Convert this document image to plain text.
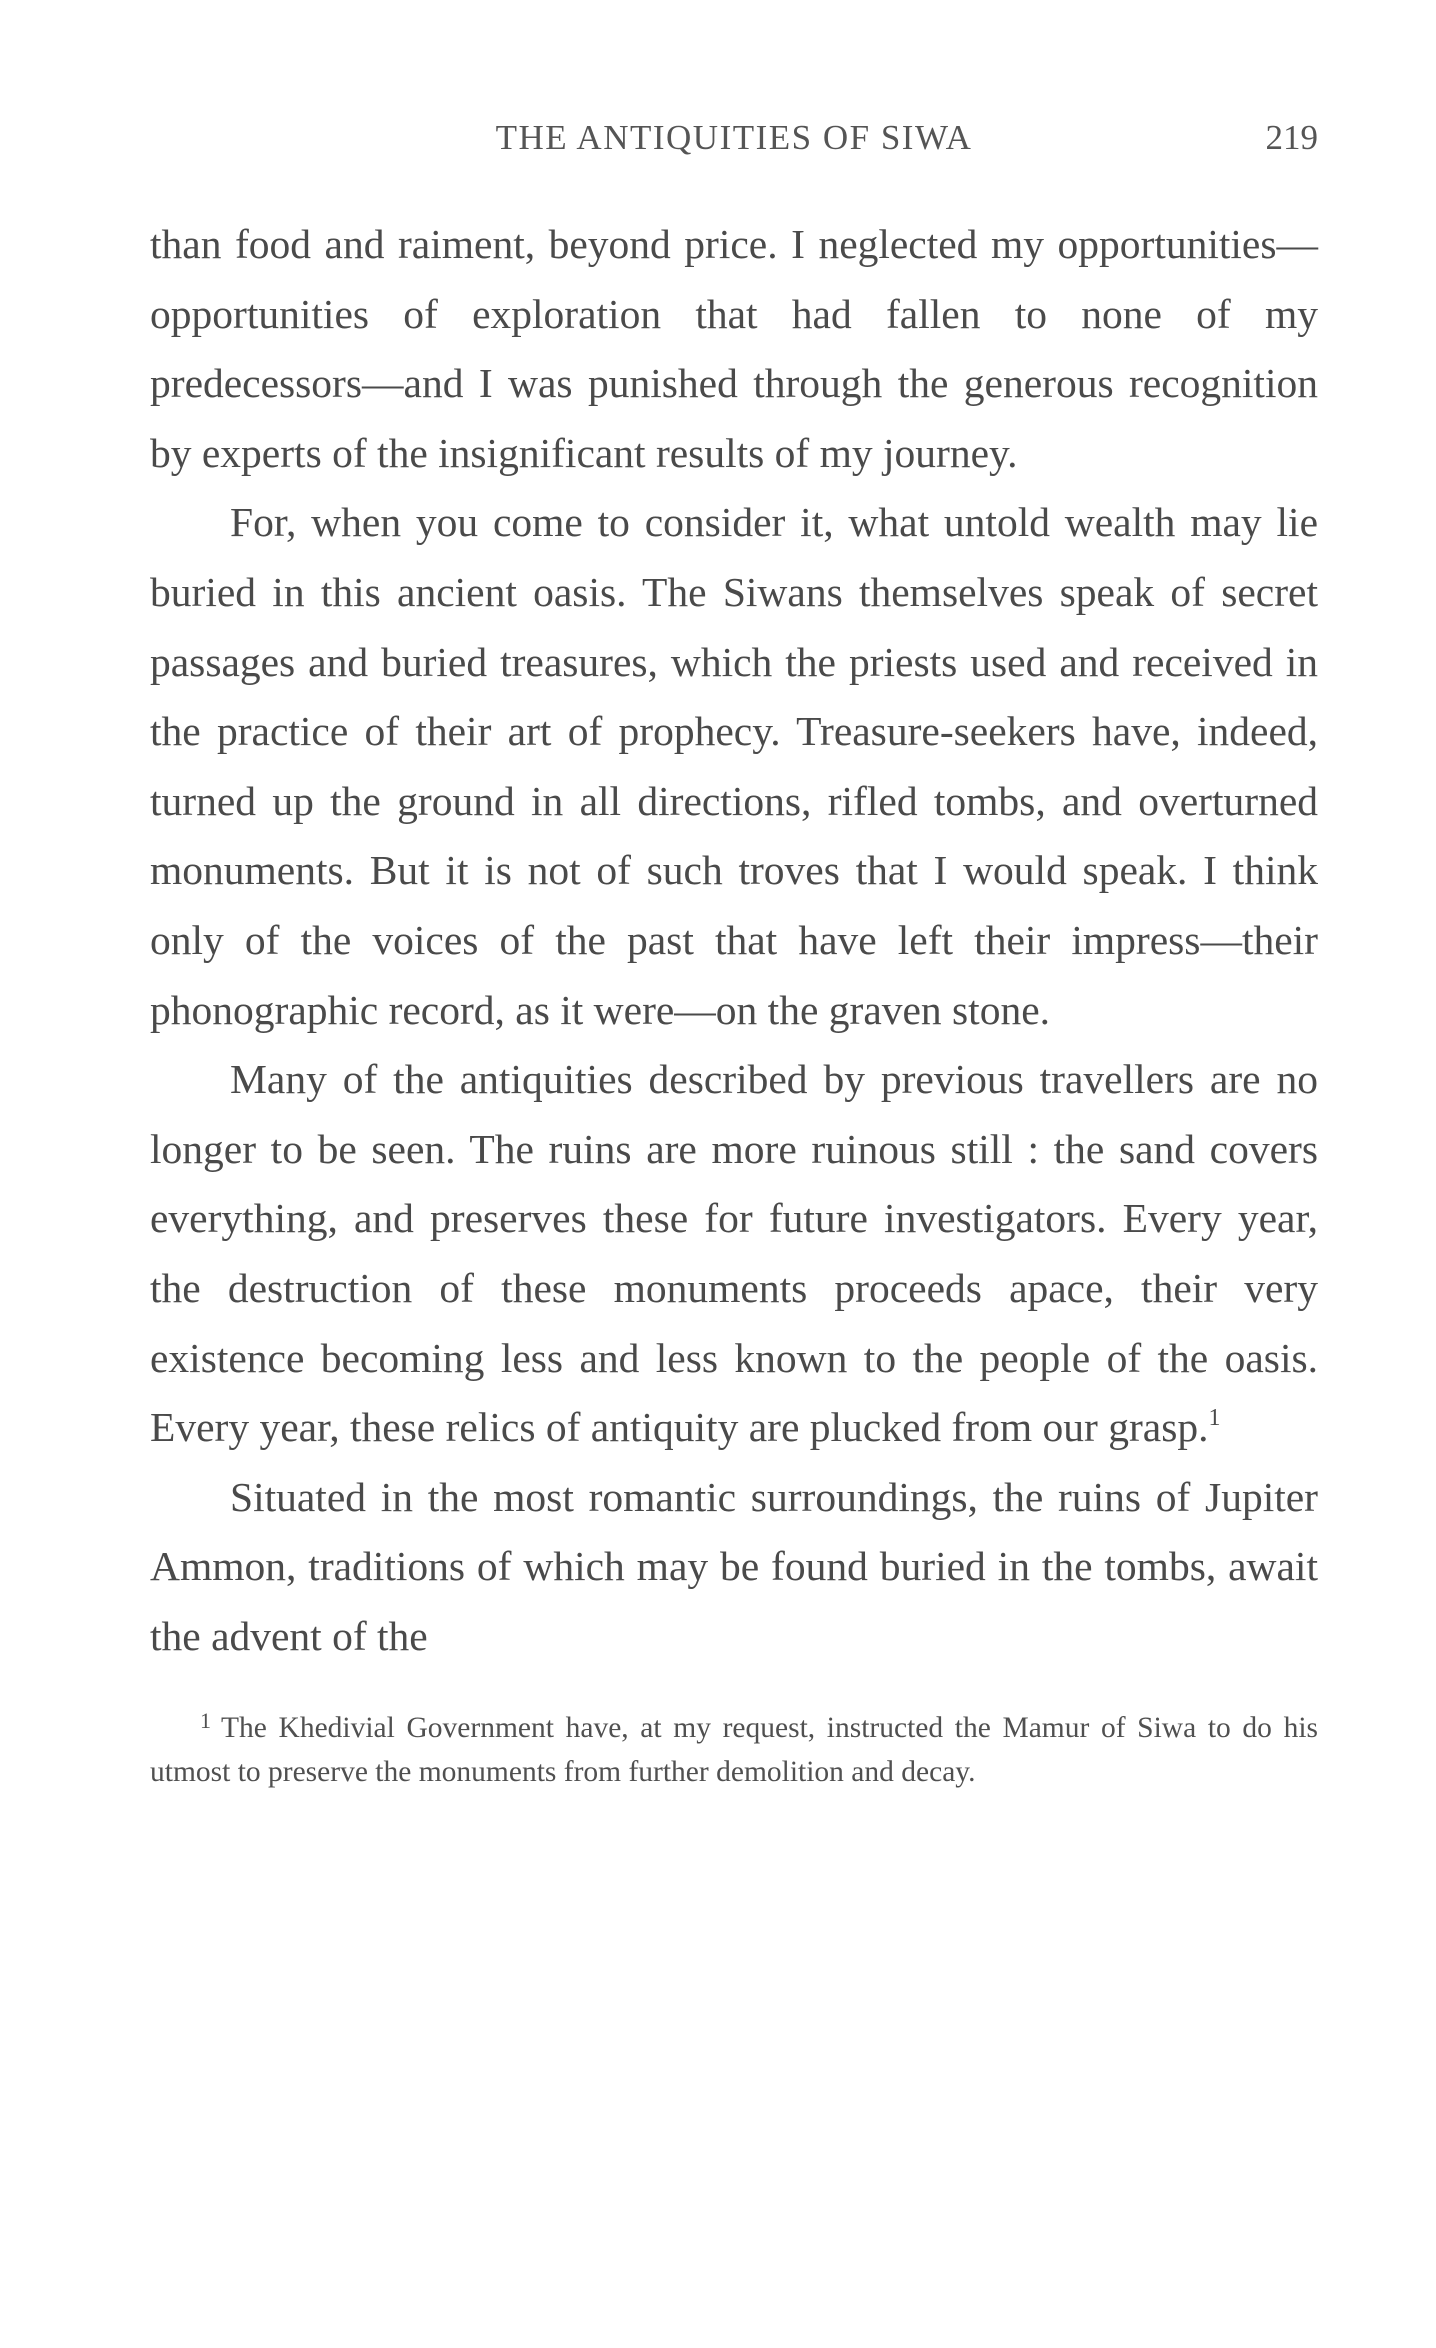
THE ANTIQUITIES OF SIWA	219

than food and raiment, beyond price. I neglected my opportunities—opportunities of exploration that had fallen to none of my predecessors—and I was punished through the generous recognition by experts of the insignificant results of my journey.

For, when you come to consider it, what untold wealth may lie buried in this ancient oasis. The Siwans themselves speak of secret passages and buried treasures, which the priests used and received in the practice of their art of prophecy. Treasure-seekers have, indeed, turned up the ground in all directions, rifled tombs, and overturned monuments. But it is not of such troves that I would speak. I think only of the voices of the past that have left their impress—their phonographic record, as it were—on the graven stone.

Many of the antiquities described by previous travellers are no longer to be seen. The ruins are more ruinous still : the sand covers everything, and preserves these for future investigators. Every year, the destruction of these monuments proceeds apace, their very existence becoming less and less known to the people of the oasis. Every year, these relics of antiquity are plucked from our grasp.$^1$

Situated in the most romantic surroundings, the ruins of Jupiter Ammon, traditions of which may be found buried in the tombs, await the advent of the

$^1$ The Khedivial Government have, at my request, instructed the Mamur of Siwa to do his utmost to preserve the monuments from further demolition and decay.
